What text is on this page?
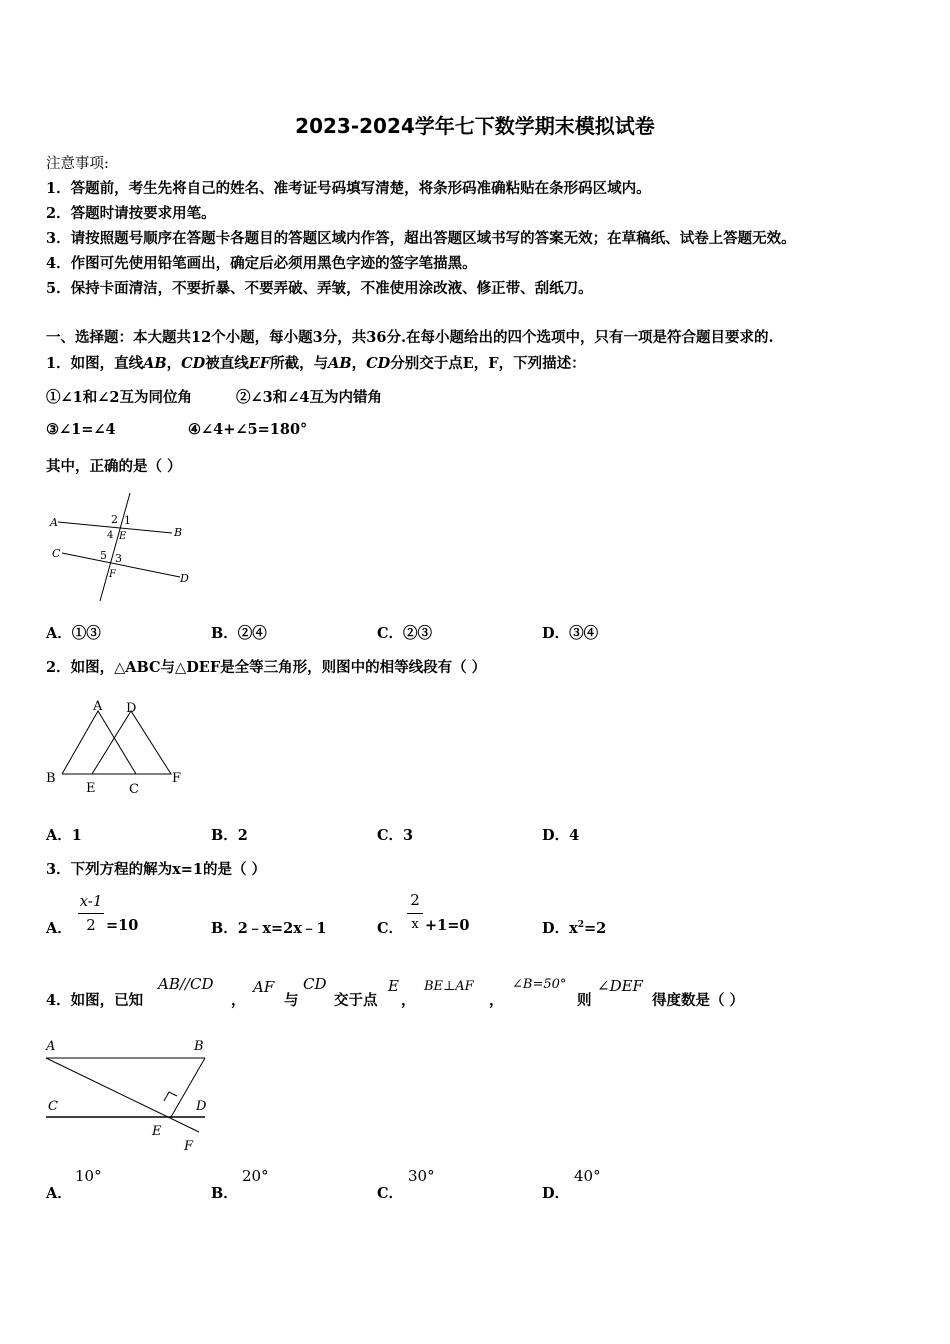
2023-2024学年七下数学期末模拟试卷
注意事项:
1．答题前，考生先将自己的姓名、准考证号码填写清楚，将条形码准确粘贴在条形码区域内。
2．答题时请按要求用笔。
3．请按照题号顺序在答题卡各题目的答题区域内作答，超出答题区域书写的答案无效；在草稿纸、试卷上答题无效。
4．作图可先使用铅笔画出，确定后必须用黑色字迹的签字笔描黑。
5．保持卡面清洁，不要折暴、不要弄破、弄皱，不准使用涂改液、修正带、刮纸刀。
一、选择题：本大题共12个小题，每小题3分，共36分.在每小题给出的四个选项中，只有一项是符合题目要求的.
1．如图，直线AB，CD被直线EF所截，与AB，CD分别交于点E，F，下列描述：
①∠1和∠2互为同位角	②∠3和∠4互为内错角
③∠1=∠4	④∠4+∠5=180°
其中，正确的是（ ）
A
B
C
D
E
F
2 1
4
5 3
A．①③	B．②④	C．②③	D．③④
2．如图，△ABC与△DEF是全等三角形，则图中的相等线段有（ ）
A D
B
E	C
F
A．1	B．2	C．3	D．4
3．下列方程的解为x=1的是（ ）
A．
x-1
2 =10	B．2﹣x=2x﹣1	C．
2
x +1=0	D．$x^2=2$
4．如图，已知
AB//CD
，
AF
与
CD
交于点
E
，
BE⊥AF
，
∠B=50°
则
∠DEF
得度数是（ ）
A	B
C	D
E
F
A．
10°
B．
20°
C．
30°
D．
40°
